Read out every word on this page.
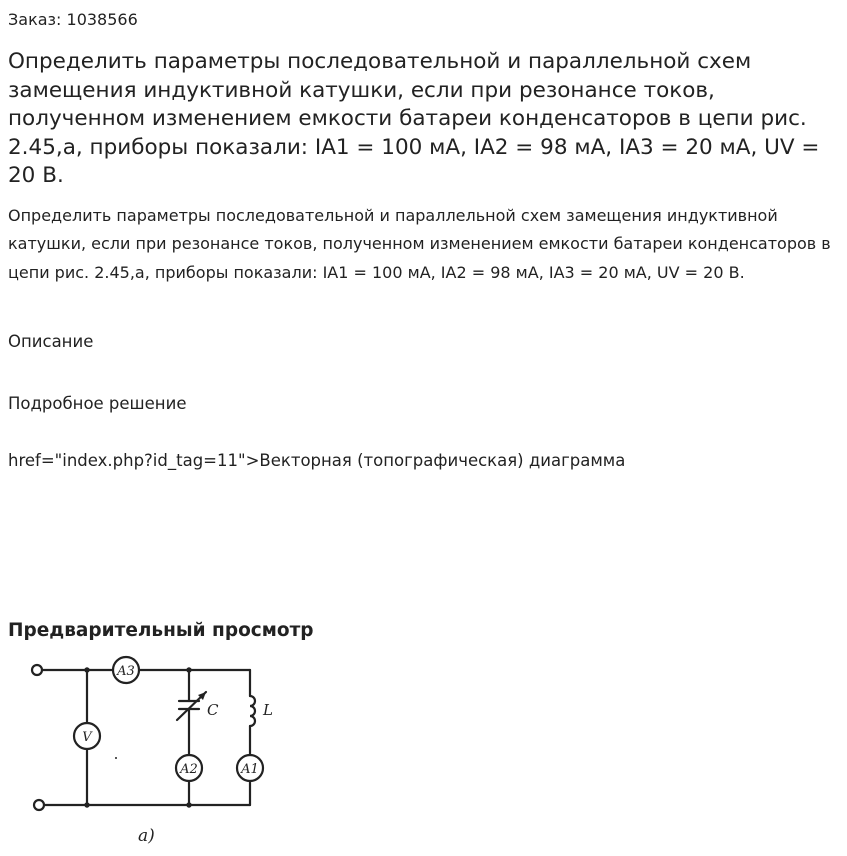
Заказ: 1038566
Определить параметры последовательной и параллельной схем замещения индуктивной катушки, если при резонансе токов, полученном изменением емкости батареи конденсаторов в цепи рис. 2.45,а, приборы показали: IA1 = 100 мА, IA2 = 98 мА, IA3 = 20 мА, UV = 20 В.

Определить параметры последовательной и параллельной схем замещения индуктивной катушки, если при резонансе токов, полученном изменением емкости батареи конденсаторов в цепи рис. 2.45,а, приборы показали: IA1 = 100 мА, IA2 = 98 мА, IA3 = 20 мА, UV = 20 В.

Описание
Подробное решение
href="index.php?id_tag=11">Векторная (топографическая) диаграмма
Предварительный просмотр
A3
V
A2	A1
C	L
а)
